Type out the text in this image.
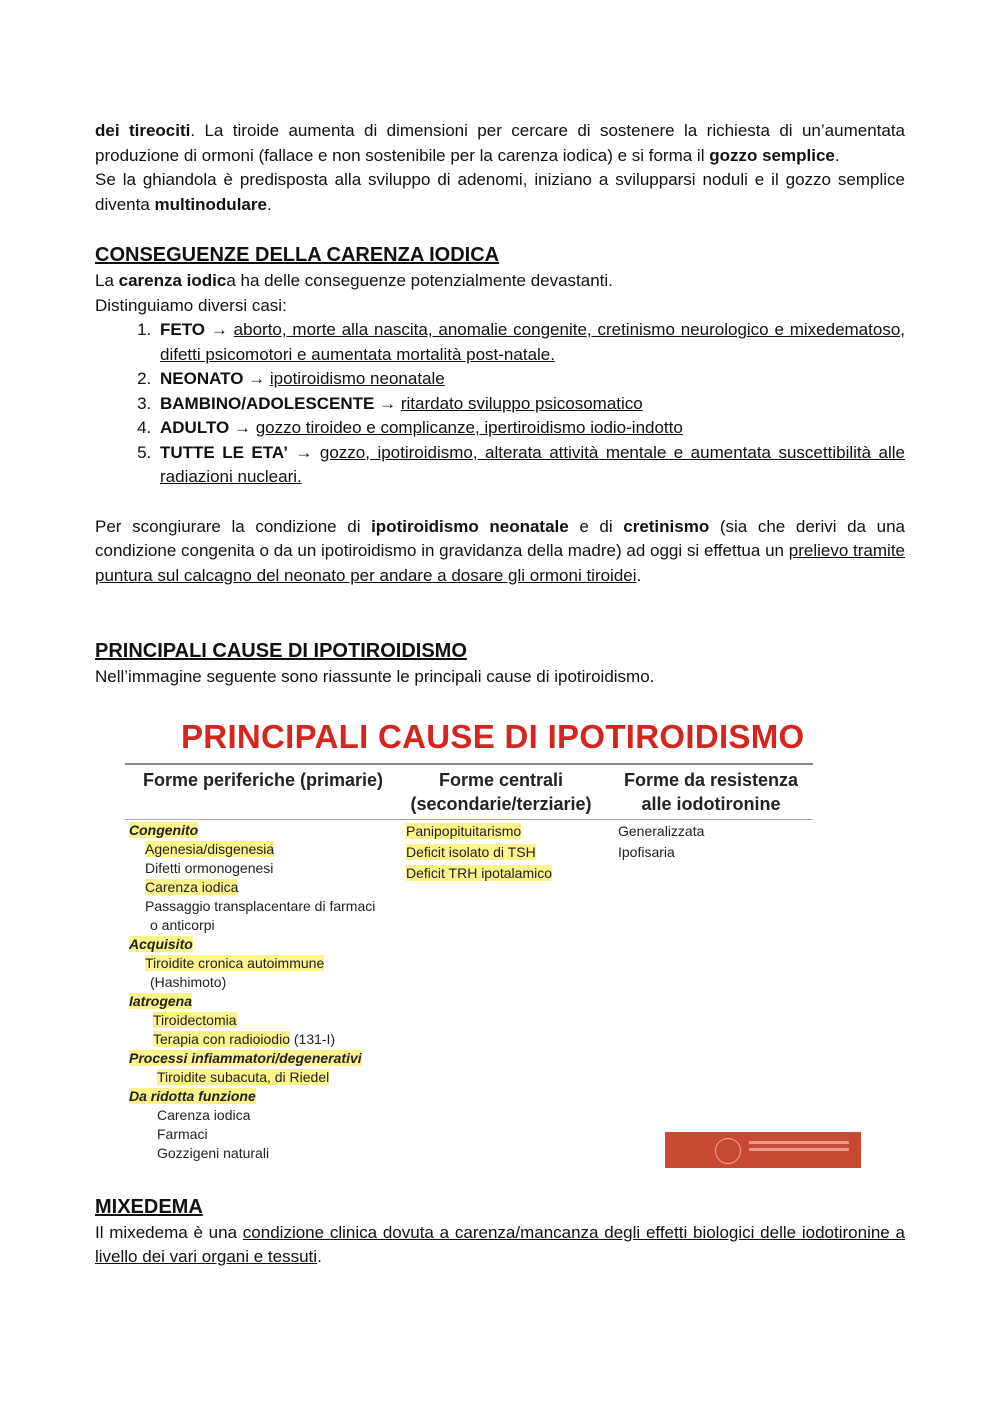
dei tireociti. La tiroide aumenta di dimensioni per cercare di sostenere la richiesta di un’aumentata produzione di ormoni (fallace e non sostenibile per la carenza iodica) e si forma il gozzo semplice.

Se la ghiandola è predisposta alla sviluppo di adenomi, iniziano a svilupparsi noduli e il gozzo semplice diventa multinodulare.

CONSEGUENZE DELLA CARENZA IODICA

La carenza iodica ha delle conseguenze potenzialmente devastanti.

Distinguiamo diversi casi:

1. FETO → aborto, morte alla nascita, anomalie congenite, cretinismo neurologico e mixedematoso, difetti psicomotori e aumentata mortalità post-natale.
2. NEONATO → ipotiroidismo neonatale
3. BAMBINO/ADOLESCENTE → ritardato sviluppo psicosomatico
4. ADULTO → gozzo tiroideo e complicanze, ipertiroidismo iodio-indotto
5. TUTTE LE ETA’ → gozzo, ipotiroidismo, alterata attività mentale e aumentata suscettibilità alle radiazioni nucleari.

Per scongiurare la condizione di ipotiroidismo neonatale e di cretinismo (sia che derivi da una condizione congenita o da un ipotiroidismo in gravidanza della madre) ad oggi si effettua un prelievo tramite puntura sul calcagno del neonato per andare a dosare gli ormoni tiroidei.

PRINCIPALI CAUSE DI IPOTIROIDISMO

Nell’immagine seguente sono riassunte le principali cause di ipotiroidismo.

PRINCIPALI CAUSE DI IPOTIROIDISMO
Forme periferiche (primarie)	Forme centrali
(secondarie/terziarie)
Forme da resistenza
alle iodotironine
Congenito
Agenesia/disgenesia
Difetti ormonogenesi
Carenza iodica
Passaggio transplacentare di farmaci
o anticorpi
Acquisito
Tiroidite cronica autoimmune
(Hashimoto)
Iatrogena
Tiroidectomia
Terapia con radioiodio (131-I)
Processi infiammatori/degenerativi
Tiroidite subacuta, di Riedel
Da ridotta funzione
Carenza iodica
Farmaci
Gozzigeni naturali
Panipopituitarismo
Deficit isolato di TSH
Deficit TRH ipotalamico
Generalizzata
Ipofisaria
MIXEDEMA

Il mixedema è una condizione clinica dovuta a carenza/mancanza degli effetti biologici delle iodotironine a livello dei vari organi e tessuti.
